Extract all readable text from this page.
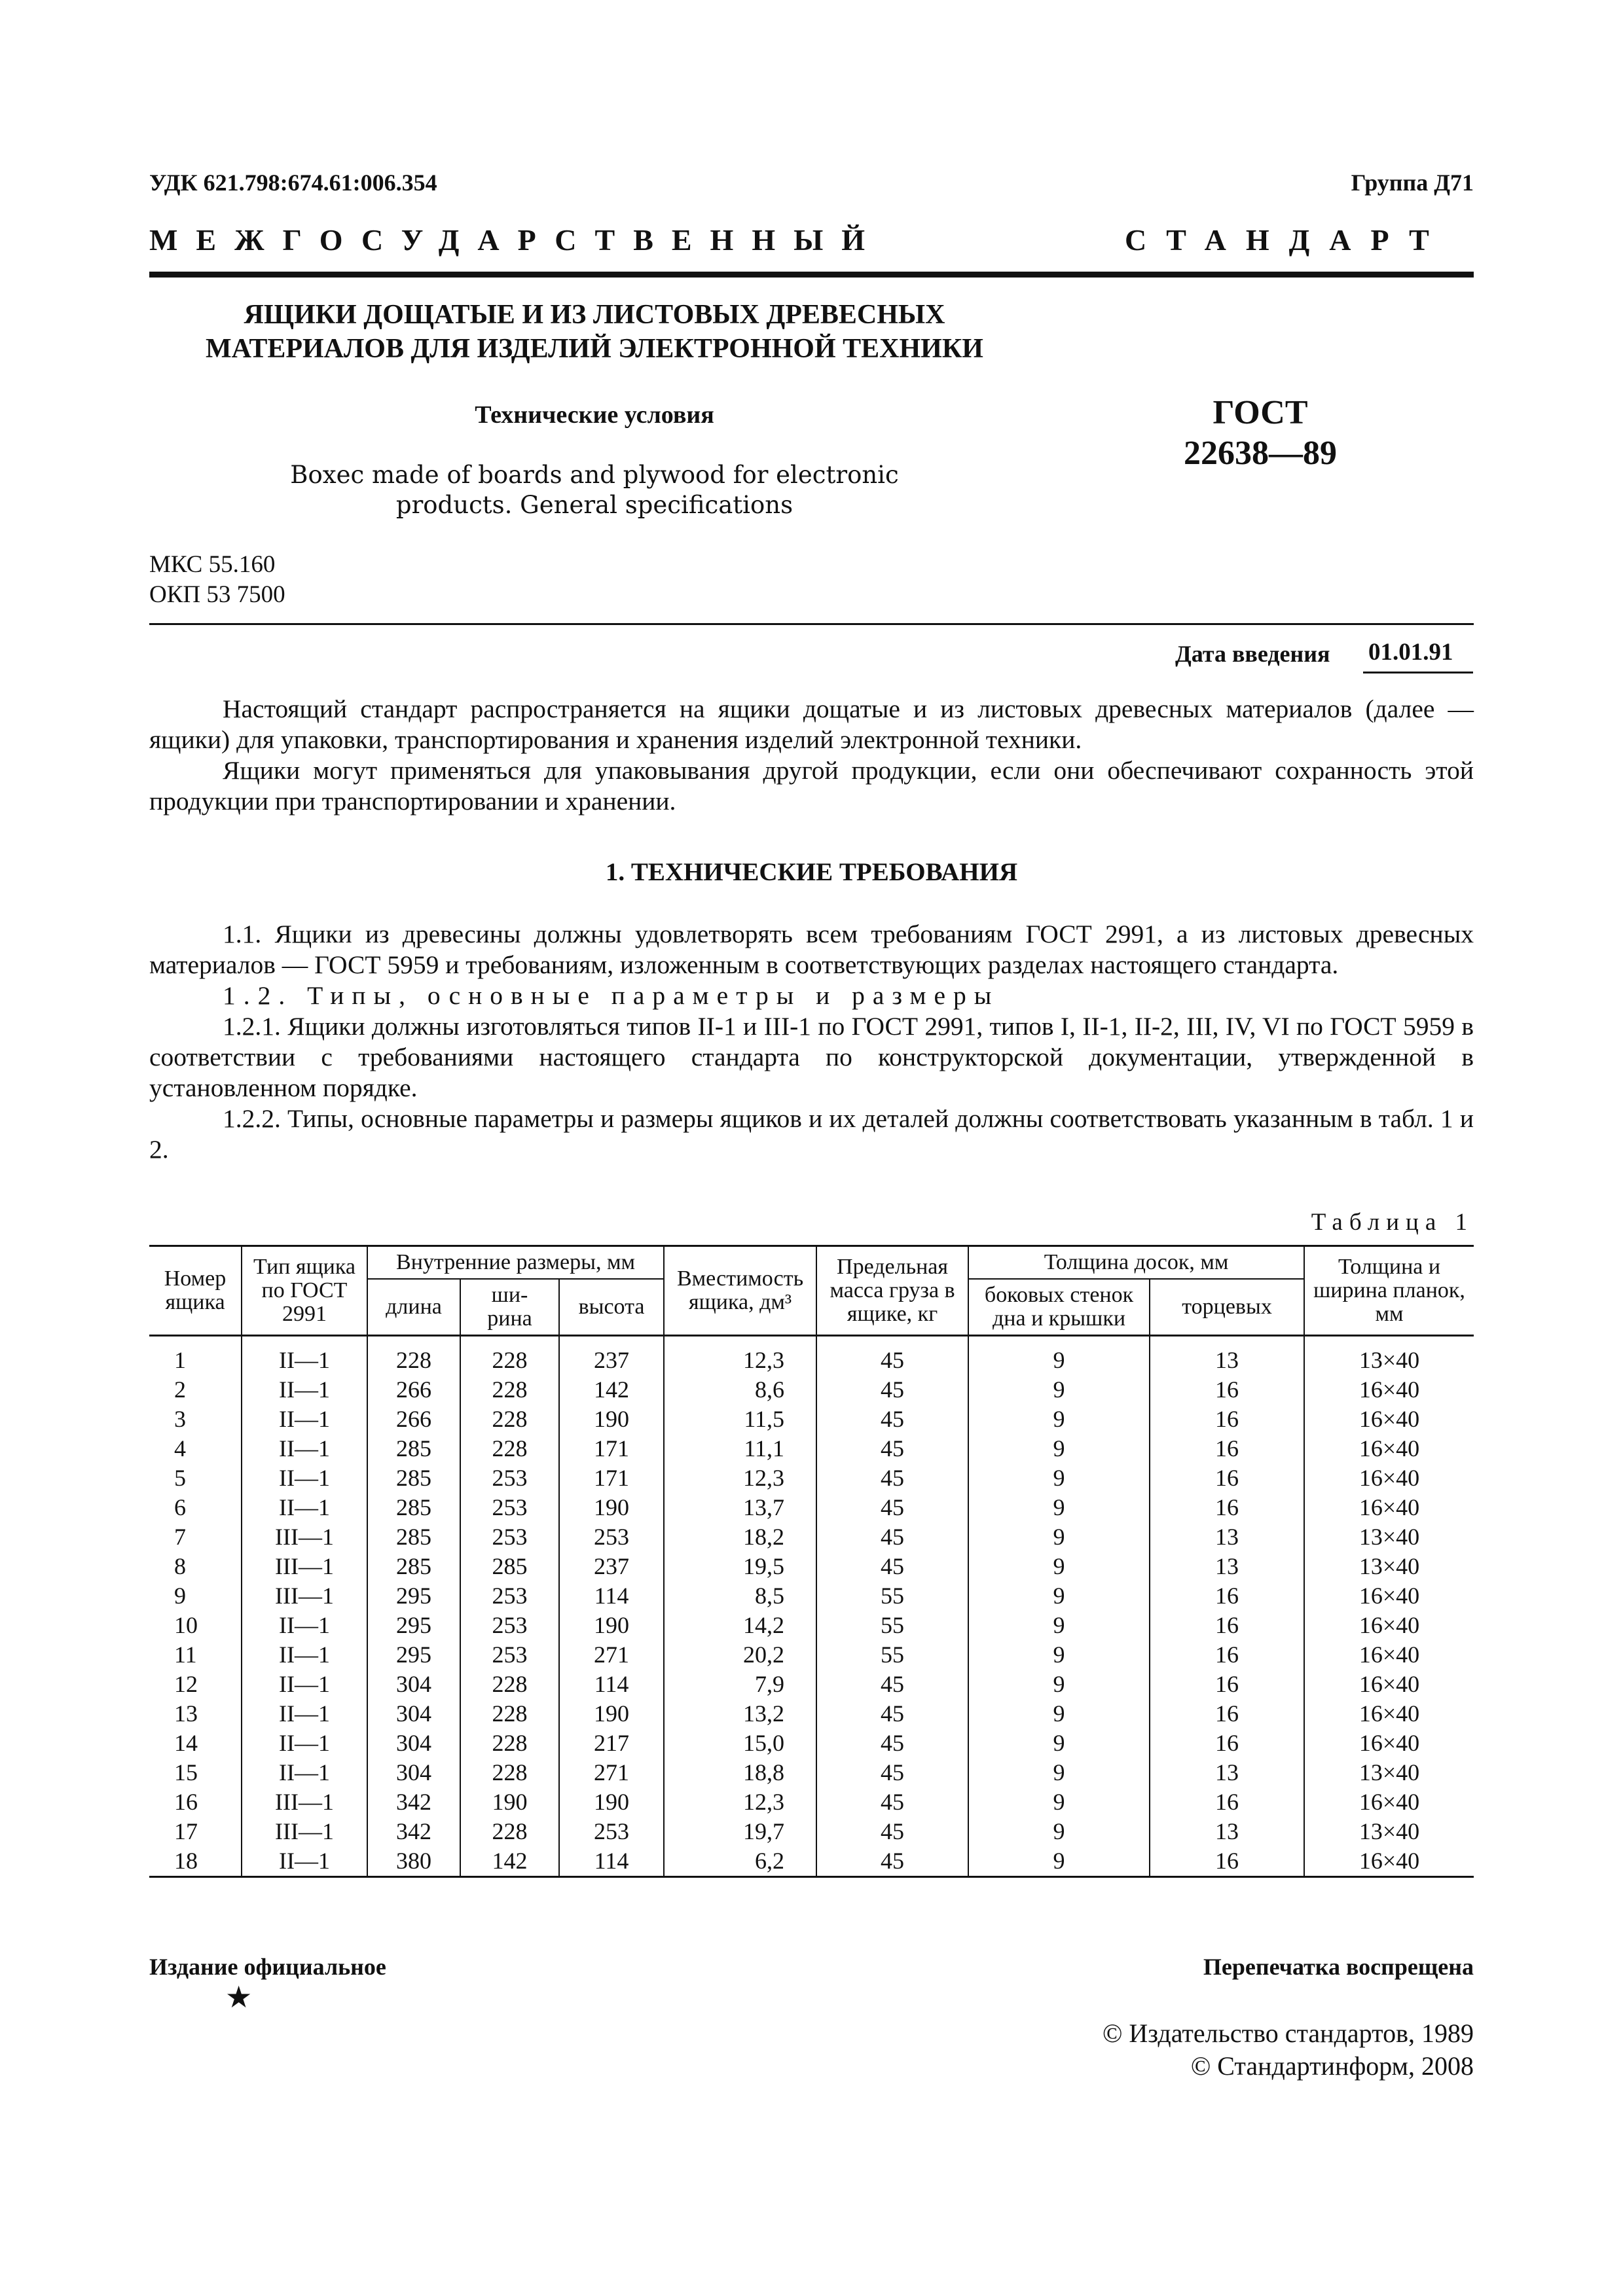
УДК 621.798:674.61:006.354	Группа Д71
МЕЖГОСУДАРСТВЕННЫЙ	СТАНДАРТ
ЯЩИКИ ДОЩАТЫЕ И ИЗ ЛИСТОВЫХ ДРЕВЕСНЫХ
МАТЕРИАЛОВ ДЛЯ ИЗДЕЛИЙ ЭЛЕКТРОННОЙ ТЕХНИКИ
Технические условия	ГОСТ
22638—89
Boxec made of boards and plywood for electronic
products. General specifications
МКС 55.160
ОКП 53 7500
Дата введения 01.01.91

Настоящий стандарт распространяется на ящики дощатые и из листовых древесных материалов (далее — ящики) для упаковки, транспортирования и хранения изделий электронной техники.

Ящики могут применяться для упаковывания другой продукции, если они обеспечивают сохранность этой продукции при транспортировании и хранении.

1. ТЕХНИЧЕСКИЕ ТРЕБОВАНИЯ

1.1. Ящики из древесины должны удовлетворять всем требованиям ГОСТ 2991, а из листовых древесных материалов — ГОСТ 5959 и требованиям, изложенным в соответствующих разделах настоящего стандарта.

1.2. Типы, основные параметры и размеры

1.2.1. Ящики должны изготовляться типов II-1 и III-1 по ГОСТ 2991, типов I, II-1, II-2, III, IV, VI по ГОСТ 5959 в соответствии с требованиями настоящего стандарта по конструкторской документации, утвержденной в установленном порядке.

1.2.2. Типы, основные параметры и размеры ящиков и их деталей должны соответствовать указанным в табл. 1 и 2.

Таблица 1
Номер ящика	Тип ящика по ГОСТ 2991	Внутренние размеры, мм			Вместимость ящика, дм³	Предельная масса груза в ящике, кг	Толщина досок, мм		Толщина и ширина планок, мм
		длина	ши-
рина	высота			боковых стенок дна и крышки	торцевых	
1	II—1	228	228	237	12,3	45	9	13	13×40
2	II—1	266	228	142	8,6	45	9	16	16×40
3	II—1	266	228	190	11,5	45	9	16	16×40
4	II—1	285	228	171	11,1	45	9	16	16×40
5	II—1	285	253	171	12,3	45	9	16	16×40
6	II—1	285	253	190	13,7	45	9	16	16×40
7	III—1	285	253	253	18,2	45	9	13	13×40
8	III—1	285	285	237	19,5	45	9	13	13×40
9	III—1	295	253	114	8,5	55	9	16	16×40
10	II—1	295	253	190	14,2	55	9	16	16×40
11	II—1	295	253	271	20,2	55	9	16	16×40
12	II—1	304	228	114	7,9	45	9	16	16×40
13	II—1	304	228	190	13,2	45	9	16	16×40
14	II—1	304	228	217	15,0	45	9	16	16×40
15	II—1	304	228	271	18,8	45	9	13	13×40
16	III—1	342	190	190	12,3	45	9	16	16×40
17	III—1	342	228	253	19,7	45	9	13	13×40
18	II—1	380	142	114	6,2	45	9	16	16×40
Издание официальное
★
Перепечатка воспрещена
© Издательство стандартов, 1989
© Стандартинформ, 2008
